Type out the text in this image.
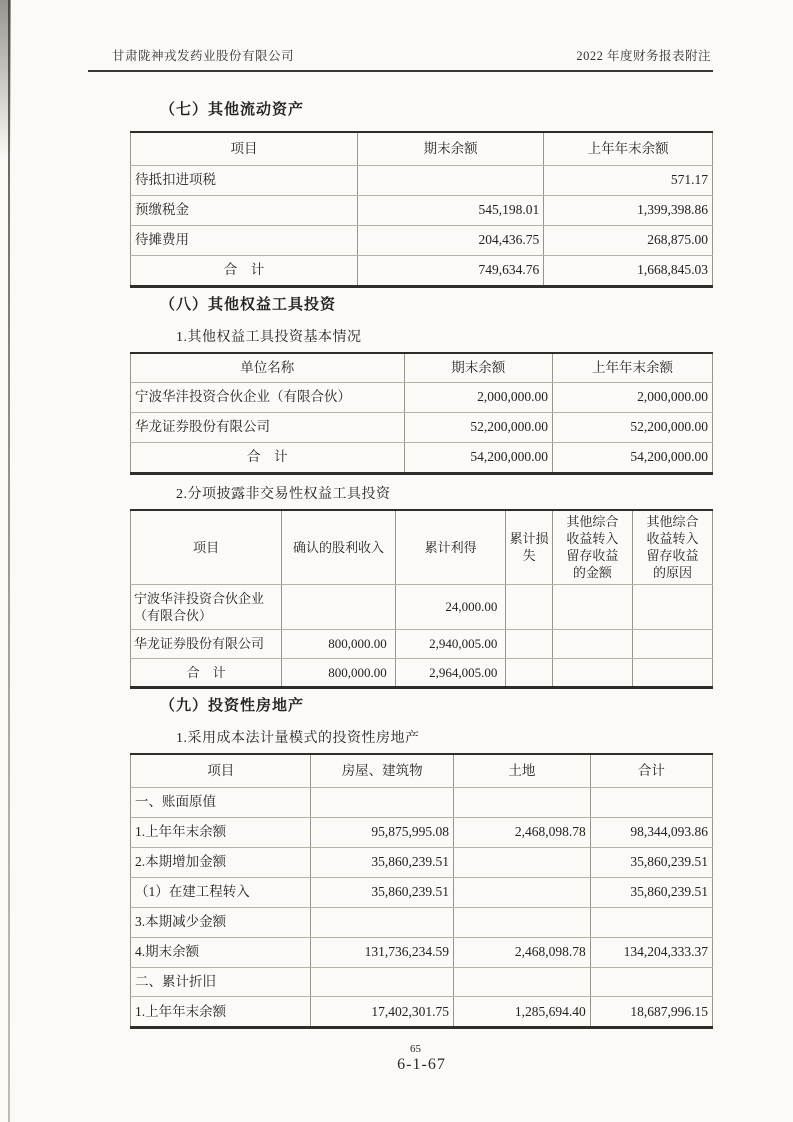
甘肃陇神戎发药业股份有限公司	2022 年度财务报表附注
（七）其他流动资产
项目	期末余额	上年年末余额
待抵扣进项税		571.17
预缴税金	545,198.01	1,399,398.86
待摊费用	204,436.75	268,875.00
合　计	749,634.76	1,668,845.03
（八）其他权益工具投资
1.其他权益工具投资基本情况
单位名称	期末余额	上年年末余额
宁波华沣投资合伙企业（有限合伙）	2,000,000.00	2,000,000.00
华龙证券股份有限公司	52,200,000.00	52,200,000.00
合　计	54,200,000.00	54,200,000.00
2.分项披露非交易性权益工具投资
项目	确认的股利收入	累计利得	累计损失	其他综合收益转入留存收益的金额	其他综合收益转入留存收益的原因
宁波华沣投资合伙企业（有限合伙）		24,000.00			
华龙证券股份有限公司	800,000.00	2,940,005.00			
合　计	800,000.00	2,964,005.00			
（九）投资性房地产
1.采用成本法计量模式的投资性房地产
项目	房屋、建筑物	土地	合计
一、账面原值			
1.上年年末余额	95,875,995.08	2,468,098.78	98,344,093.86
2.本期增加金额	35,860,239.51		35,860,239.51
（1）在建工程转入	35,860,239.51		35,860,239.51
3.本期减少金额			
4.期末余额	131,736,234.59	2,468,098.78	134,204,333.37
二、累计折旧			
1.上年年末余额	17,402,301.75	1,285,694.40	18,687,996.15
65
6-1-67
